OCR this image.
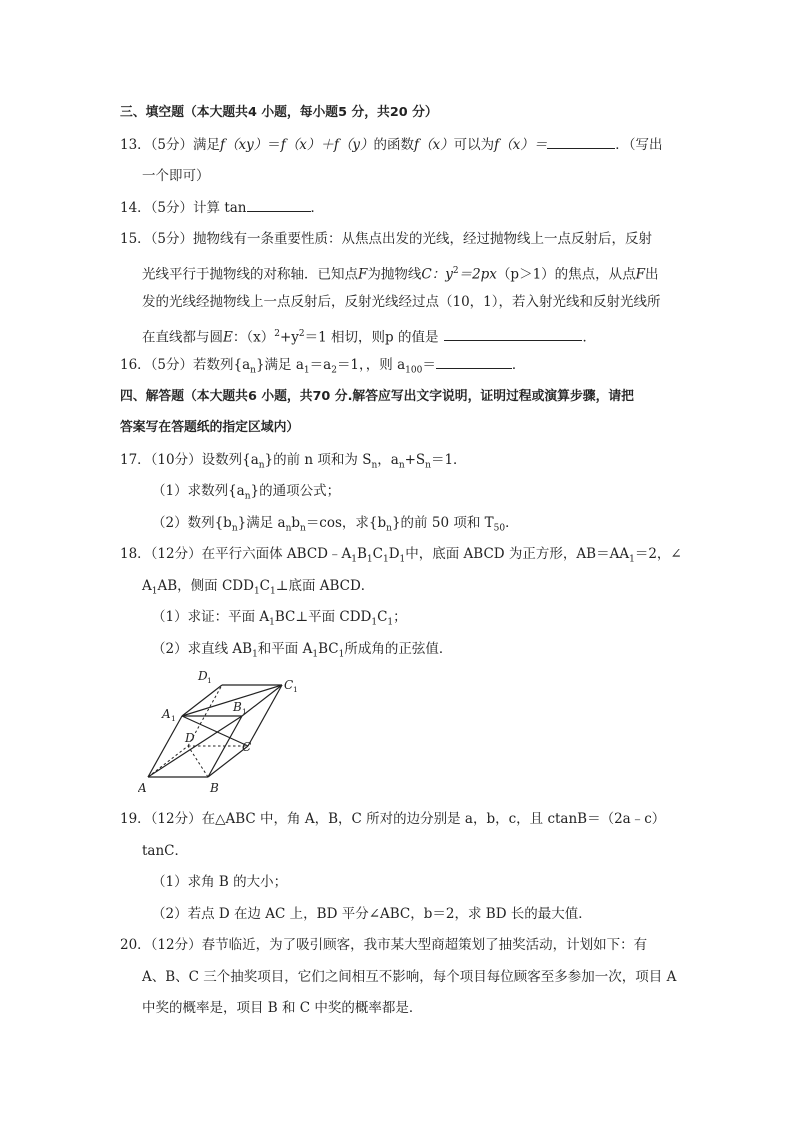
三、填空题（本大题共4 小题，每小题5 分，共20 分）
13．（5分）满足f（xy）＝f（x）＋f（y）的函数f（x）可以为f（x）＝	．（写出
一个即可）
14．（5分）计算 tan	．
15．（5分）抛物线有一条重要性质：从焦点出发的光线，经过抛物线上一点反射后，反射
光线平行于抛物线的对称轴．已知点F为抛物线C：$y^2=2px(p>1)$的焦点，从点F出
发的光线经抛物线上一点反射后，反射光线经过点（10，1），若入射光线和反射光线所
在直线都与圆E：$(x)^2+y^2=1$ 相切，则p 的值是	．
16．（5分）若数列$\{a_n\}$满足 $a_1=a_2=1$，，则 $a_{100}=$	．
四、解答题（本大题共6 小题，共70 分.解答应写出文字说明，证明过程或演算步骤，请把
答案写在答题纸的指定区域内）
17．（10分）设数列$\{a_n\}$的前 n 项和为 $S_n$，$a_n+S_n=1$．
（1）求数列$\{a_n\}$的通项公式；
（2）数列$\{b_n\}$满足 $a_nb_n=\cos$，求$\{b_n\}$的前 50 项和 $T_{50}$．
18．（12分）在平行六面体 $ABCD﹣A_1B_1C_1D_1$中，底面 ABCD 为正方形，$AB=AA_1=2$，∠
$A_1AB$，侧面 $CDD_1C_1\perp$底面 ABCD．
（1）求证：平面 $A_1BC\perp$平面 $CDD_1C_1$；
（2）求直线 $AB_1$和平面 $A_1BC_1$所成角的正弦值．
A	B
C
D
A 1
B 1
C 1
D 1
19．（12分）在△ABC 中，角 A，B，C 所对的边分别是 a，b，c，且 ctanB＝（2a﹣c）
tanC．
（1）求角 B 的大小；
（2）若点 D 在边 AC 上，BD 平分∠ABC，b＝2，求 BD 长的最大值．
20．（12分）春节临近，为了吸引顾客，我市某大型商超策划了抽奖活动，计划如下：有
A、B、C 三个抽奖项目，它们之间相互不影响，每个项目每位顾客至多参加一次，项目 A
中奖的概率是，项目 B 和 C 中奖的概率都是．
